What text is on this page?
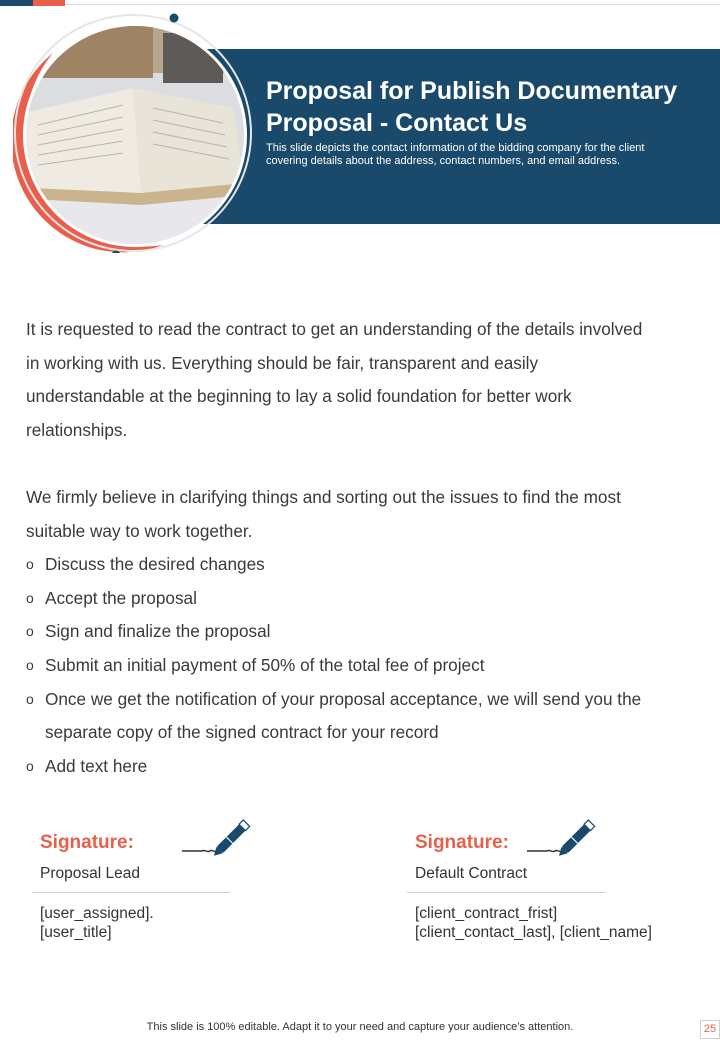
Proposal for Publish Documentary
Proposal - Contact Us
This slide depicts the contact information of the bidding company for the client
covering details about the address, contact numbers, and email address.

It is requested to read the contract to get an understanding of the details involved

in working with us. Everything should be fair, transparent and easily

understandable at the beginning to lay a solid foundation for better work

relationships.

We firmly believe in clarifying things and sorting out the issues to find the most

suitable way to work together.

o Discuss the desired changes
o Accept the proposal
o Sign and finalize the proposal
o Submit an initial payment of 50% of the total fee of project
o Once we get the notification of your proposal acceptance, we will send you the
separate copy of the signed contract for your record
o Add text here
Signature:
Proposal Lead
[user_assigned].
[user_title]
Signature:
Default Contract
[client_contract_frist]
[client_contact_last], [client_name]
This slide is 100% editable. Adapt it to your need and capture your audience’s attention.	25
